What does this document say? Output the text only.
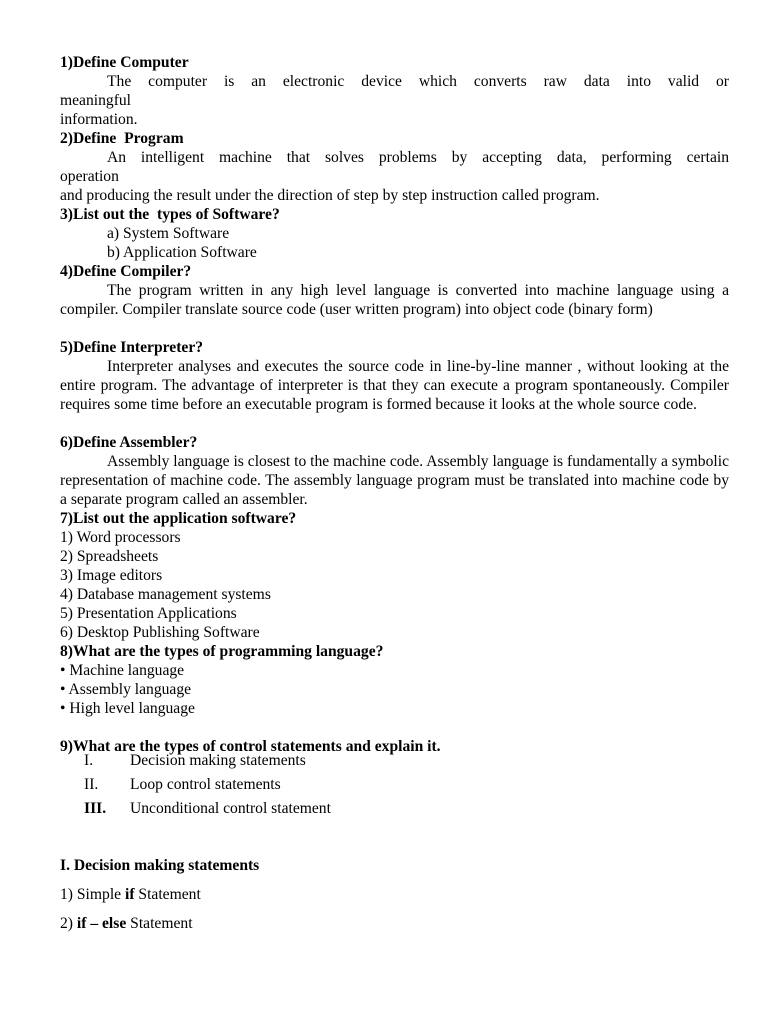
1)Define Computer
The computer is an electronic device which converts raw data into valid or
meaningful
information.
2)Define  Program
An intelligent machine that solves problems by accepting data, performing certain
operation
and producing the result under the direction of step by step instruction called program.
3)List out the  types of Software?
a) System Software
b) Application Software
4)Define Compiler?
The program written in any high level language is converted into machine language using a compiler. Compiler translate source code (user written program) into object code (binary form)
5)Define Interpreter?
Interpreter analyses and executes the source code in line-by-line manner , without looking at the entire program. The advantage of interpreter is that they can execute a program spontaneously. Compiler requires some time before an executable program is formed because it looks at the whole source code.
6)Define Assembler?
Assembly language is closest to the machine code. Assembly language is fundamentally a symbolic representation of machine code. The assembly language program must be translated into machine code by a separate program called an assembler.
7)List out the application software?
1) Word processors
2) Spreadsheets
3) Image editors
4) Database management systems
5) Presentation Applications
6) Desktop Publishing Software
8)What are the types of programming language?
• Machine language
• Assembly language
• High level language
9)What are the types of control statements and explain it.
I.	Decision making statements
II.	Loop control statements
III.	Unconditional control statement
I. Decision making statements
1) Simple if Statement
2) if – else Statement
